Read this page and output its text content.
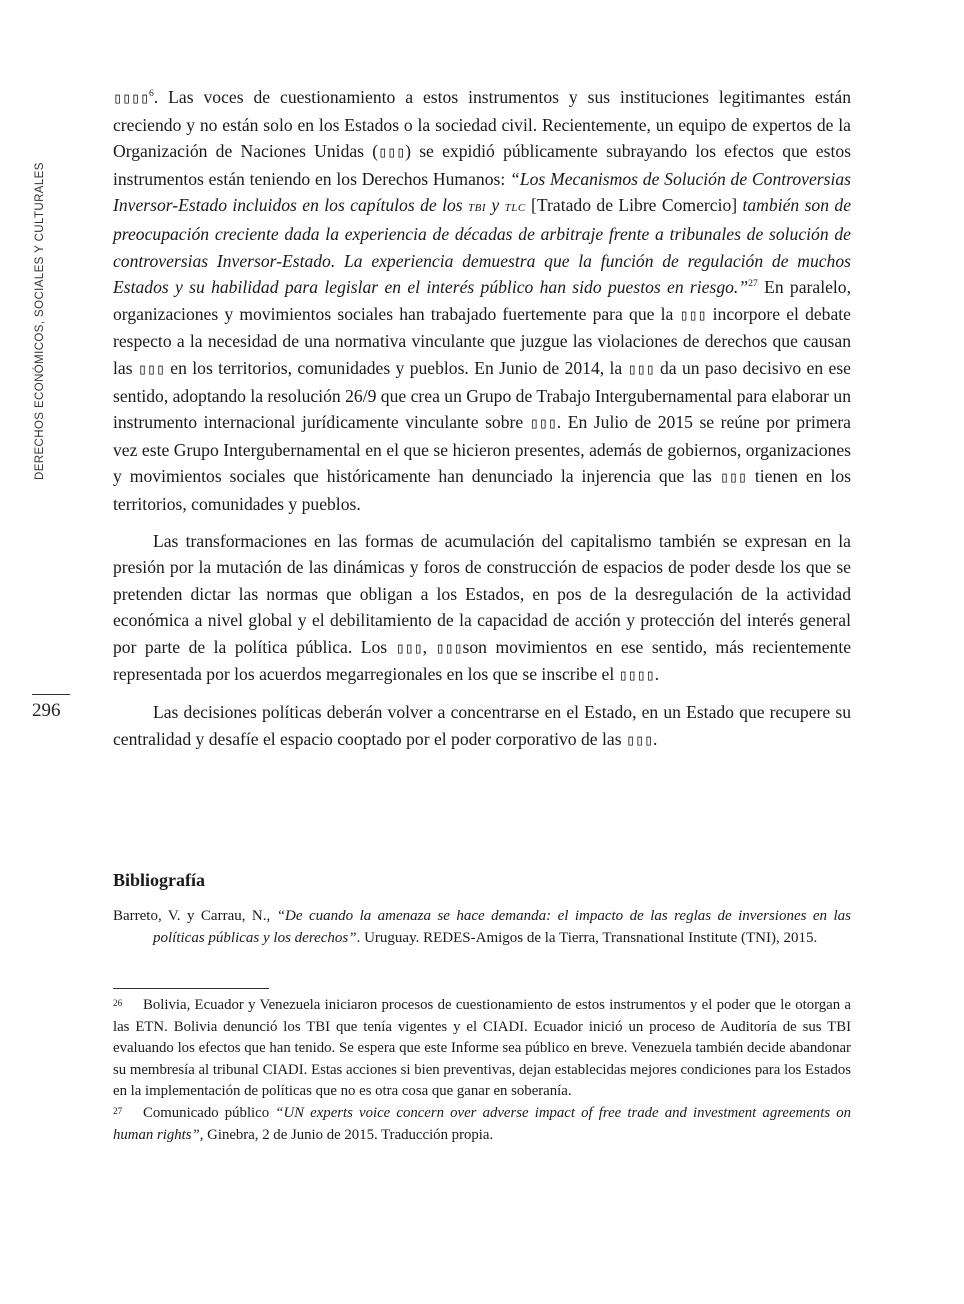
DERECHOS ECONÓMICOS, SOCIALES Y CULTURALES
296

▯▯▯▯$^6$. Las voces de cuestionamiento a estos instrumentos y sus instituciones legitimantes están creciendo y no están solo en los Estados o la sociedad civil. Recientemente, un equipo de expertos de la Organización de Naciones Unidas (▯▯▯) se expidió públicamente subrayando los efectos que estos instrumentos están teniendo en los Derechos Humanos: “Los Mecanismos de Solución de Controversias Inversor-Estado incluidos en los capítulos de los tbi y tlc [Tratado de Libre Comercio] también son de preocupación creciente dada la experiencia de décadas de arbitraje frente a tribunales de solución de controversias Inversor-Estado. La experiencia demuestra que la función de regulación de muchos Estados y su habilidad para legislar en el interés público han sido puestos en riesgo.”$^{27}$ En paralelo, organizaciones y movimientos sociales han trabajado fuertemente para que la ▯▯▯ incorpore el debate respecto a la necesidad de una normativa vinculante que juzgue las violaciones de derechos que causan las ▯▯▯ en los territorios, comunidades y pueblos. En Junio de 2014, la ▯▯▯ da un paso decisivo en ese sentido, adoptando la resolución 26/9 que crea un Grupo de Trabajo Intergubernamental para elaborar un instrumento internacional jurídicamente vinculante sobre ▯▯▯. En Julio de 2015 se reúne por primera vez este Grupo Intergubernamental en el que se hicieron presentes, además de gobiernos, organizaciones y movimientos sociales que históricamente han denunciado la injerencia que las ▯▯▯ tienen en los territorios, comunidades y pueblos.

Las transformaciones en las formas de acumulación del capitalismo también se expresan en la presión por la mutación de las dinámicas y foros de construcción de espacios de poder desde los que se pretenden dictar las normas que obligan a los Estados, en pos de la desregulación de la actividad económica a nivel global y el debilitamiento de la capacidad de acción y protección del interés general por parte de la política pública. Los ▯▯▯, ▯▯▯son movimientos en ese sentido, más recientemente representada por los acuerdos megarregionales en los que se inscribe el ▯▯▯▯.

Las decisiones políticas deberán volver a concentrarse en el Estado, en un Estado que recupere su centralidad y desafíe el espacio cooptado por el poder corporativo de las ▯▯▯.

Bibliografía
Barreto, V. y Carrau, N., “De cuando la amenaza se hace demanda: el impacto de las reglas de inversiones en las políticas públicas y los derechos”. Uruguay. REDES-Amigos de la Tierra, Transnational Institute (TNI), 2015.

26 Bolivia, Ecuador y Venezuela iniciaron procesos de cuestionamiento de estos instrumentos y el poder que le otorgan a las ETN. Bolivia denunció los TBI que tenía vigentes y el CIADI. Ecuador inició un proceso de Auditoría de sus TBI evaluando los efectos que han tenido. Se espera que este Informe sea público en breve. Venezuela también decide abandonar su membresía al tribunal CIADI. Estas acciones si bien preventivas, dejan establecidas mejores condiciones para los Estados en la implementación de políticas que no es otra cosa que ganar en soberanía.

27 Comunicado público “UN experts voice concern over adverse impact of free trade and investment agreements on human rights”, Ginebra, 2 de Junio de 2015. Traducción propia.
